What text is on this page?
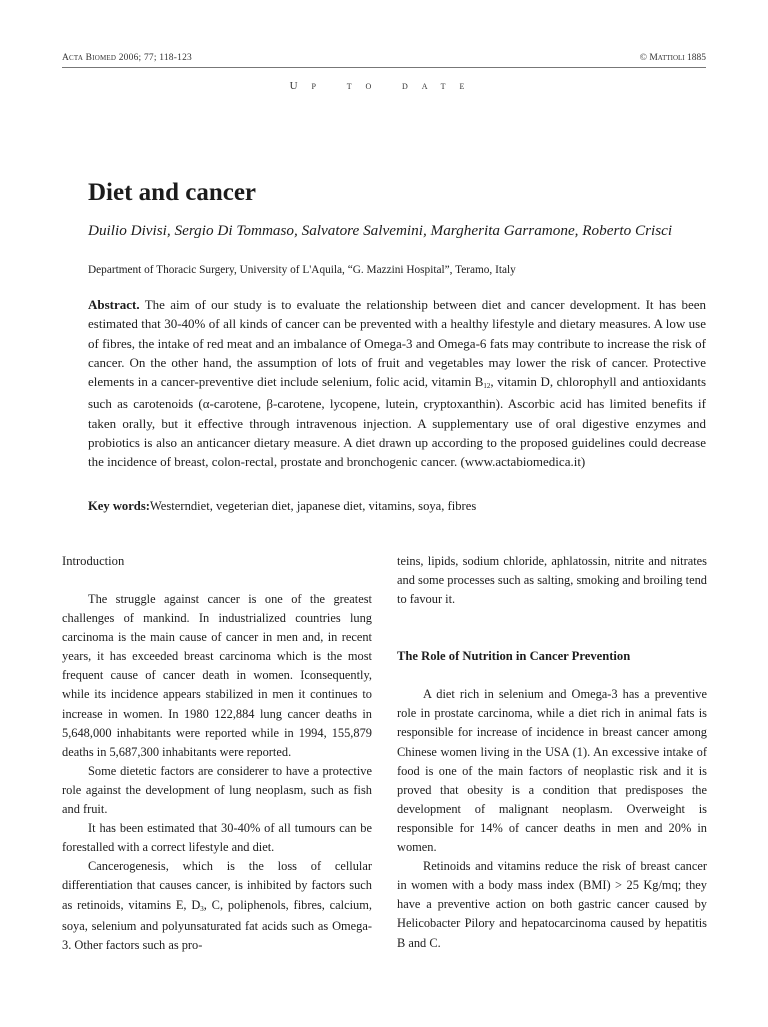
Acta Biomed 2006; 77; 118-123	© Mattioli 1885
Up to date
Diet and cancer
Duilio Divisi, Sergio Di Tommaso, Salvatore Salvemini, Margherita Garramone, Roberto Crisci
Department of Thoracic Surgery, University of L'Aquila, “G. Mazzini Hospital”, Teramo, Italy

Abstract. The aim of our study is to evaluate the relationship between diet and cancer development. It has been estimated that 30-40% of all kinds of cancer can be prevented with a healthy lifestyle and dietary measures. A low use of fibres, the intake of red meat and an imbalance of Omega-3 and Omega-6 fats may contribute to increase the risk of cancer. On the other hand, the assumption of lots of fruit and vegetables may lower the risk of cancer. Protective elements in a cancer-preventive diet include selenium, folic acid, vitamin $B_{12}$, vitamin D, chlorophyll and antioxidants such as carotenoids (α-carotene, β-carotene, lycopene, lutein, cryptoxanthin). Ascorbic acid has limited benefits if taken orally, but it effective through intravenous injection. A supplementary use of oral digestive enzymes and probiotics is also an anticancer dietary measure. A diet drawn up according to the proposed guidelines could decrease the incidence of breast, colon-rectal, prostate and bronchogenic cancer. (www.actabiomedica.it)

Key words:Westerndiet, vegeterian diet, japanese diet, vitamins, soya, fibres
Introduction

The struggle against cancer is one of the greatest challenges of mankind. In industrialized countries lung carcinoma is the main cause of cancer in men and, in recent years, it has exceeded breast carcinoma which is the most frequent cause of cancer death in women. Iconsequently, while its incidence appears stabilized in men it continues to increase in women. In 1980 122,884 lung cancer deaths in 5,648,000 inhabitants were reported while in 1994, 155,879 deaths in 5,687,300 inhabitants were reported.

Some dietetic factors are considerer to have a protective role against the development of lung neoplasm, such as fish and fruit.

It has been estimated that 30-40% of all tumours can be forestalled with a correct lifestyle and diet.

Cancerogenesis, which is the loss of cellular differentiation that causes cancer, is inhibited by factors such as retinoids, vitamins E, $D_3$, C, poliphenols, fibres, calcium, soya, selenium and polyunsaturated fat acids such as Omega-3. Other factors such as pro-

teins, lipids, sodium chloride, aphlatossin, nitrite and nitrates and some processes such as salting, smoking and broiling tend to favour it.

The Role of Nutrition in Cancer Prevention

A diet rich in selenium and Omega-3 has a preventive role in prostate carcinoma, while a diet rich in animal fats is responsible for increase of incidence in breast cancer among Chinese women living in the USA (1). An excessive intake of food is one of the main factors of neoplastic risk and it is proved that obesity is a condition that predisposes the development of malignant neoplasm. Overweight is responsible for 14% of cancer deaths in men and 20% in women.

Retinoids and vitamins reduce the risk of breast cancer in women with a body mass index (BMI) > 25 Kg/mq; they have a preventive action on both gastric cancer caused by Helicobacter Pilory and hepatocarcinoma caused by hepatitis B and C.
